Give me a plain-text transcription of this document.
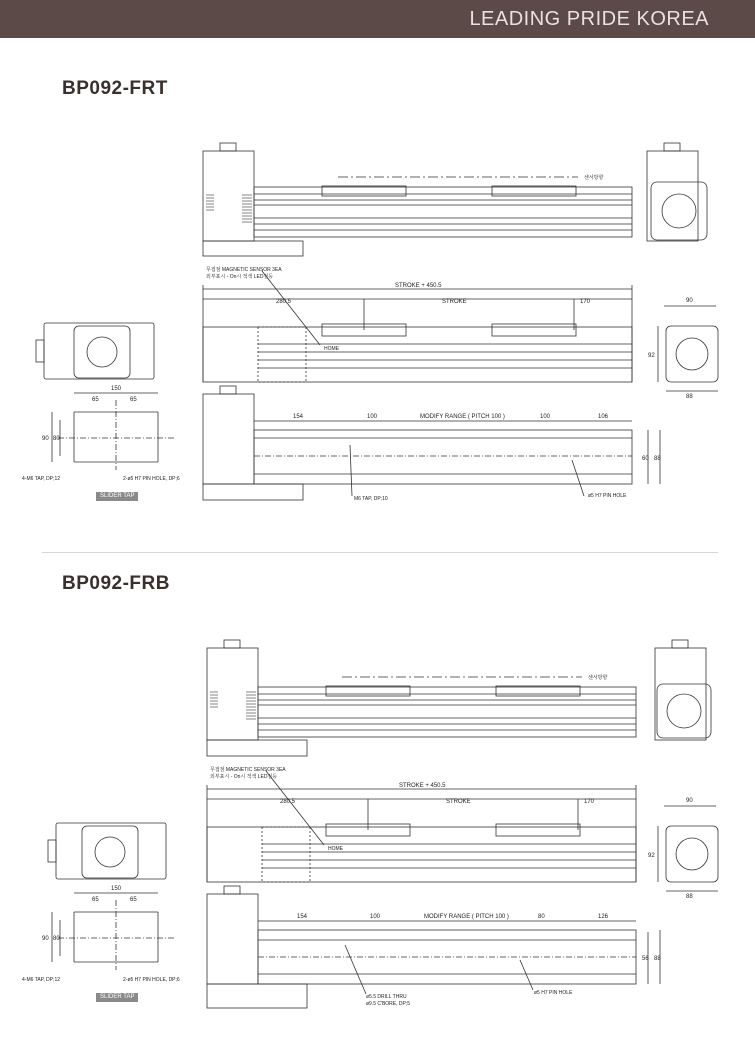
LEADING PRIDE KOREA
BP092-FRT
BP092-FRB
SLIDER TAP
SLIDER TAP
센서방향
무접점 MAGNETIC SENSOR 3EA
외부표시 - On시 적색 LED점등
STROKE + 450.5
280.5	STROKE	170
HOME
90
92
88
150
65	65
90 80
4-M6 TAP, DP;12	2-ø5 H7 PIN HOLE, DP;6
154	100	MODIFY RANGE ( PITCH 100 )	100	106
60 88
M6 TAP, DP;10	ø5 H7 PIN HOLE
센서방향
무접점 MAGNETIC SENSOR 3EA
외부표시 - On시 적색 LED점등
STROKE + 450.5
280.5	STROKE	170
HOME
90
92
88
150
65	65
90 80
4-M6 TAP, DP;12	2-ø5 H7 PIN HOLE, DP;6
154	100	MODIFY RANGE ( PITCH 100 )	80	126
56 88
ø5.5 DRILL THRU
ø9.5 C'BORE, DP;5
ø5 H7 PIN HOLE
